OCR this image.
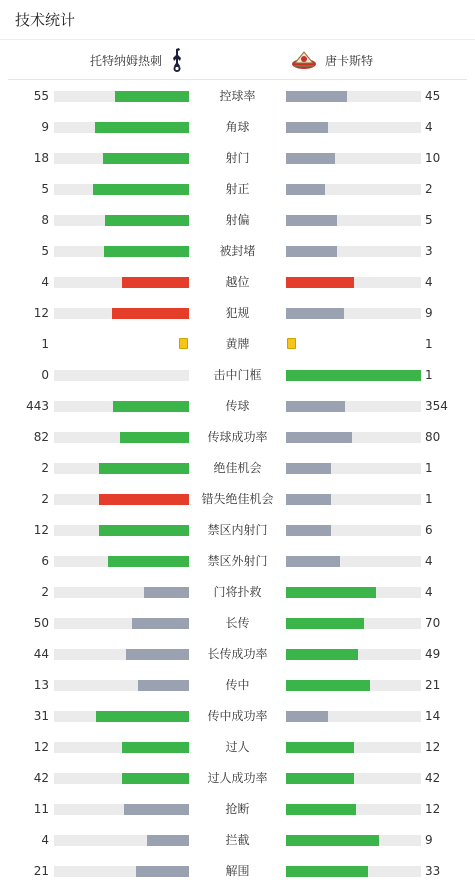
技术统计
托特纳姆热刺	唐卡斯特
55	控球率	45
9	角球	4
18	射门	10
5	射正	2
8	射偏	5
5	被封堵	3
4	越位	4
12	犯规	9
1	黄牌	1
0	击中门框	1
443	传球	354
82	传球成功率	80
2	绝佳机会	1
2	错失绝佳机会	1
12	禁区内射门	6
6	禁区外射门	4
2	门将扑救	4
50	长传	70
44	长传成功率	49
13	传中	21
31	传中成功率	14
12	过人	12
42	过人成功率	42
11	抢断	12
4	拦截	9
21	解围	33
